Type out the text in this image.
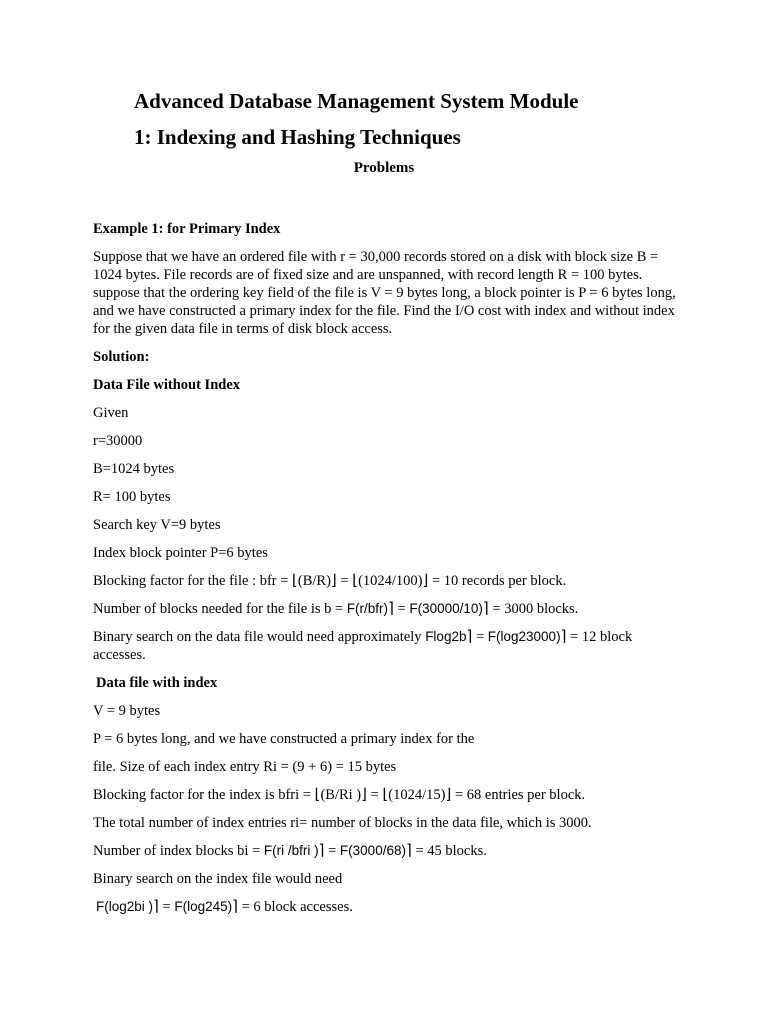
Advanced Database Management System Module
1: Indexing and Hashing Techniques
Problems

Example 1: for Primary Index

Suppose that we have an ordered file with r = 30,000 records stored on a disk with block size B = 1024 bytes. File records are of fixed size and are unspanned, with record length R = 100 bytes. suppose that the ordering key field of the file is V = 9 bytes long, a block pointer is P = 6 bytes long, and we have constructed a primary index for the file. Find the I/O cost with index and without index for the given data file in terms of disk block access.

Solution:

Data File without Index

Given

r=30000

B=1024 bytes

R= 100 bytes

Search key V=9 bytes

Index block pointer P=6 bytes

Blocking factor for the file : bfr = ⌊(B/R)⌋ = ⌊(1024/100)⌋ = 10 records per block.

Number of blocks needed for the file is b = F(r/bfr)⌉ = F(30000/10)⌉ = 3000 blocks.

Binary search on the data file would need approximately Flog2b⌉ = F(log23000)⌉ = 12 block accesses.

Data file with index

V = 9 bytes

P = 6 bytes long, and we have constructed a primary index for the

file. Size of each index entry Ri = (9 + 6) = 15 bytes

Blocking factor for the index is bfri = ⌊(B/Ri )⌋ = ⌊(1024/15)⌋ = 68 entries per block.

The total number of index entries ri= number of blocks in the data file, which is 3000.

Number of index blocks bi = F(ri /bfri )⌉ = F(3000/68)⌉ = 45 blocks.

Binary search on the index file would need

F(log2bi )⌉ = F(log245)⌉ = 6 block accesses.
